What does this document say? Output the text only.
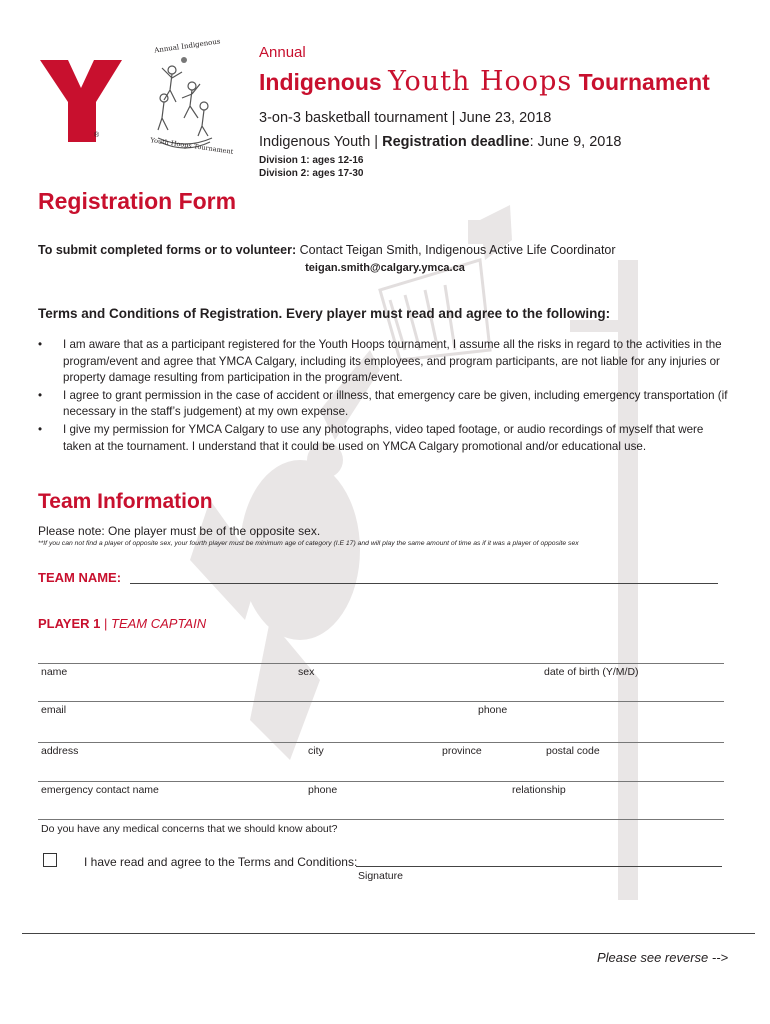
®
Annual Indigenous
Youth Hoops Tournament
Annual
Indigenous Youth Hoops Tournament
3-on-3 basketball tournament | June 23, 2018
Indigenous Youth | Registration deadline: June 9, 2018
Division 1: ages 12-16
Division 2: ages 17-30
Registration Form
To submit completed forms or to volunteer: Contact Teigan Smith, Indigenous Active Life Coordinator
teigan.smith@calgary.ymca.ca
Terms and Conditions of Registration. Every player must read and agree to the following:
•	I am aware that as a participant registered for the Youth Hoops tournament, I assume all the risks in regard to the activities in the program/event and agree that YMCA Calgary, including its employees, and program participants, are not liable for any injuries or property damage resulting from participation in the program/event.
•	I agree to grant permission in the case of accident or illness, that emergency care be given, including emergency transportation (if necessary in the staff’s judgement) at my own expense.
•	I give my permission for YMCA Calgary to use any photographs, video taped footage, or audio recordings of myself that were taken at the tournament. I understand that it could be used on YMCA Calgary promotional and/or educational use.
Team Information
Please note: One player must be of the opposite sex.
**If you can not find a player of opposite sex, your fourth player must be minimum age of category (I.E 17) and will play the same amount of time as if it was a player of opposite sex
TEAM NAME:
PLAYER 1 | TEAM CAPTAIN
name	sex	date of birth (Y/M/D)
email	phone
address	city	province	postal code
emergency contact name	phone	relationship
Do you have any medical concerns that we should know about?
I have read and agree to the Terms and Conditions:
Signature
Please see reverse -->
